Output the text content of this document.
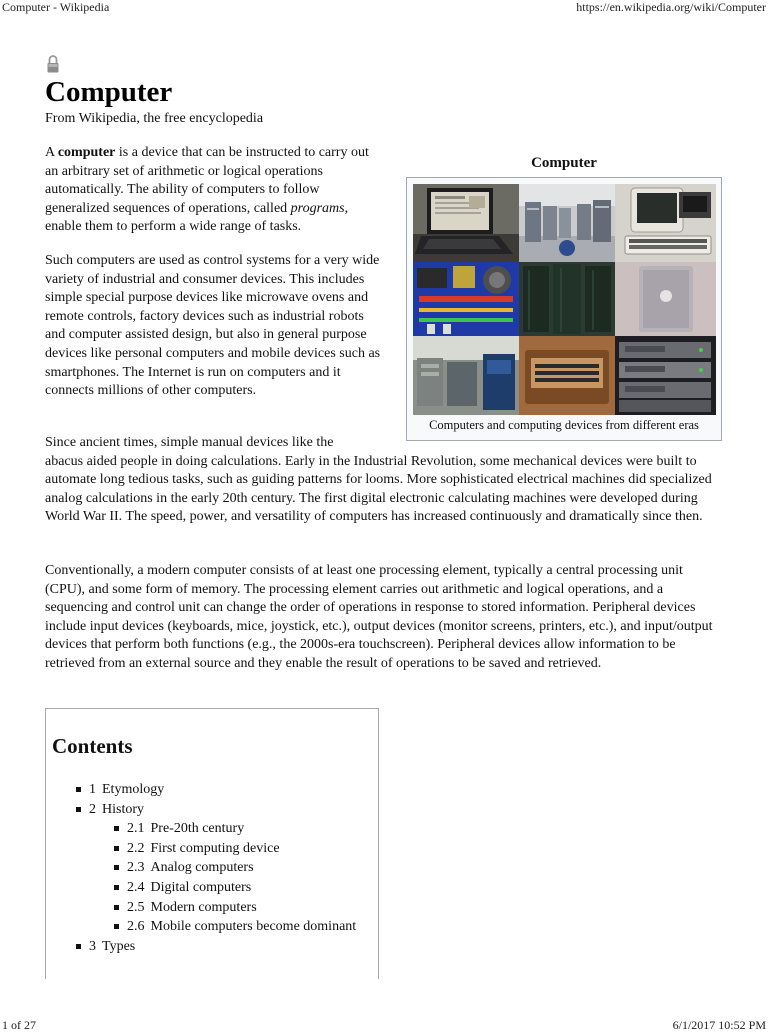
Computer - Wikipedia	https://en.wikipedia.org/wiki/Computer
Computer
From Wikipedia, the free encyclopedia

A computer is a device that can be instructed to carry out an arbitrary set of arithmetic or logical operations automatically. The ability of computers to follow generalized sequences of operations, called programs, enable them to perform a wide range of tasks.

Such computers are used as control systems for a very wide variety of industrial and consumer devices. This includes simple special purpose devices like microwave ovens and remote controls, factory devices such as industrial robots and computer assisted design, but also in general purpose devices like personal computers and mobile devices such as smartphones. The Internet is run on computers and it connects millions of other computers.

Since ancient times, simple manual devices like the
abacus aided people in doing calculations. Early in the Industrial Revolution, some mechanical devices were built to automate long tedious tasks, such as guiding patterns for looms. More sophisticated electrical machines did specialized analog calculations in the early 20th century. The first digital electronic calculating machines were developed during World War II. The speed, power, and versatility of computers has increased continuously and dramatically since then.

Conventionally, a modern computer consists of at least one processing element, typically a central processing unit (CPU), and some form of memory. The processing element carries out arithmetic and logical operations, and a sequencing and control unit can change the order of operations in response to stored information. Peripheral devices include input devices (keyboards, mice, joystick, etc.), output devices (monitor screens, printers, etc.), and input/output devices that perform both functions (e.g., the 2000s-era touchscreen). Peripheral devices allow information to be retrieved from an external source and they enable the result of operations to be saved and retrieved.

Computer
Computers and computing devices from different eras
Contents
1 Etymology
2 History
2.1 Pre-20th century
2.2 First computing device
2.3 Analog computers
2.4 Digital computers
2.5 Modern computers
2.6 Mobile computers become dominant
3 Types
1 of 27	6/1/2017 10:52 PM
